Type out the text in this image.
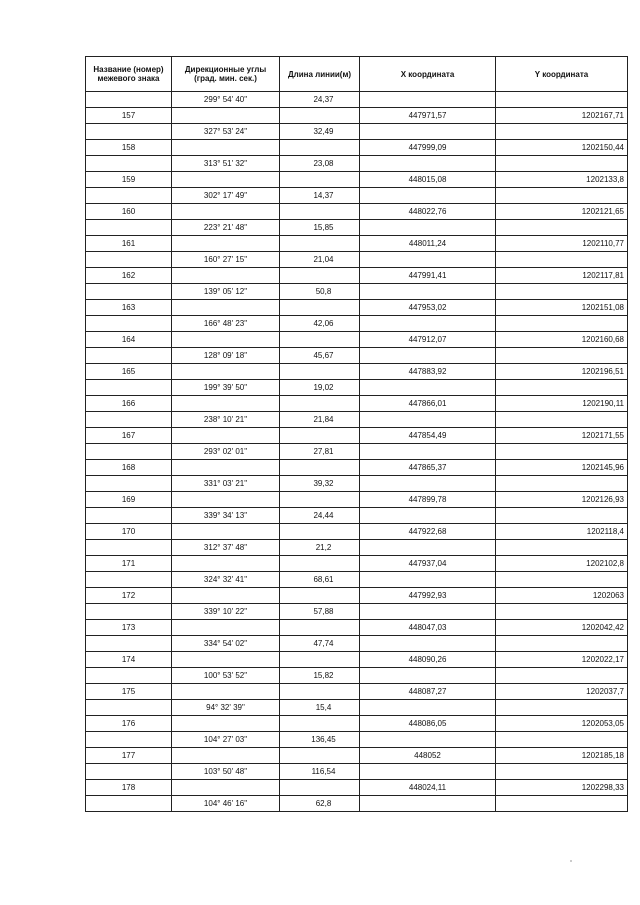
Название (номер) межевого знака	Дирекционные углы (град. мин. сек.)	Длина линии(м)	X координата	Y координата
	299° 54' 40"	24,37		
157			447971,57	1202167,71
	327° 53' 24"	32,49		
158			447999,09	1202150,44
	313° 51' 32"	23,08		
159			448015,08	1202133,8
	302° 17' 49"	14,37		
160			448022,76	1202121,65
	223° 21' 48"	15,85		
161			448011,24	1202110,77
	160° 27' 15"	21,04		
162			447991,41	1202117,81
	139° 05' 12"	50,8		
163			447953,02	1202151,08
	166° 48' 23"	42,06		
164			447912,07	1202160,68
	128° 09' 18"	45,67		
165			447883,92	1202196,51
	199° 39' 50"	19,02		
166			447866,01	1202190,11
	238° 10' 21"	21,84		
167			447854,49	1202171,55
	293° 02' 01"	27,81		
168			447865,37	1202145,96
	331° 03' 21"	39,32		
169			447899,78	1202126,93
	339° 34' 13"	24,44		
170			447922,68	1202118,4
	312° 37' 48"	21,2		
171			447937,04	1202102,8
	324° 32' 41"	68,61		
172			447992,93	1202063
	339° 10' 22"	57,88		
173			448047,03	1202042,42
	334° 54' 02"	47,74		
174			448090,26	1202022,17
	100° 53' 52"	15,82		
175			448087,27	1202037,7
	94° 32' 39"	15,4		
176			448086,05	1202053,05
	104° 27' 03"	136,45		
177			448052	1202185,18
	103° 50' 48"	116,54		
178			448024,11	1202298,33
	104° 46' 16"	62,8		
